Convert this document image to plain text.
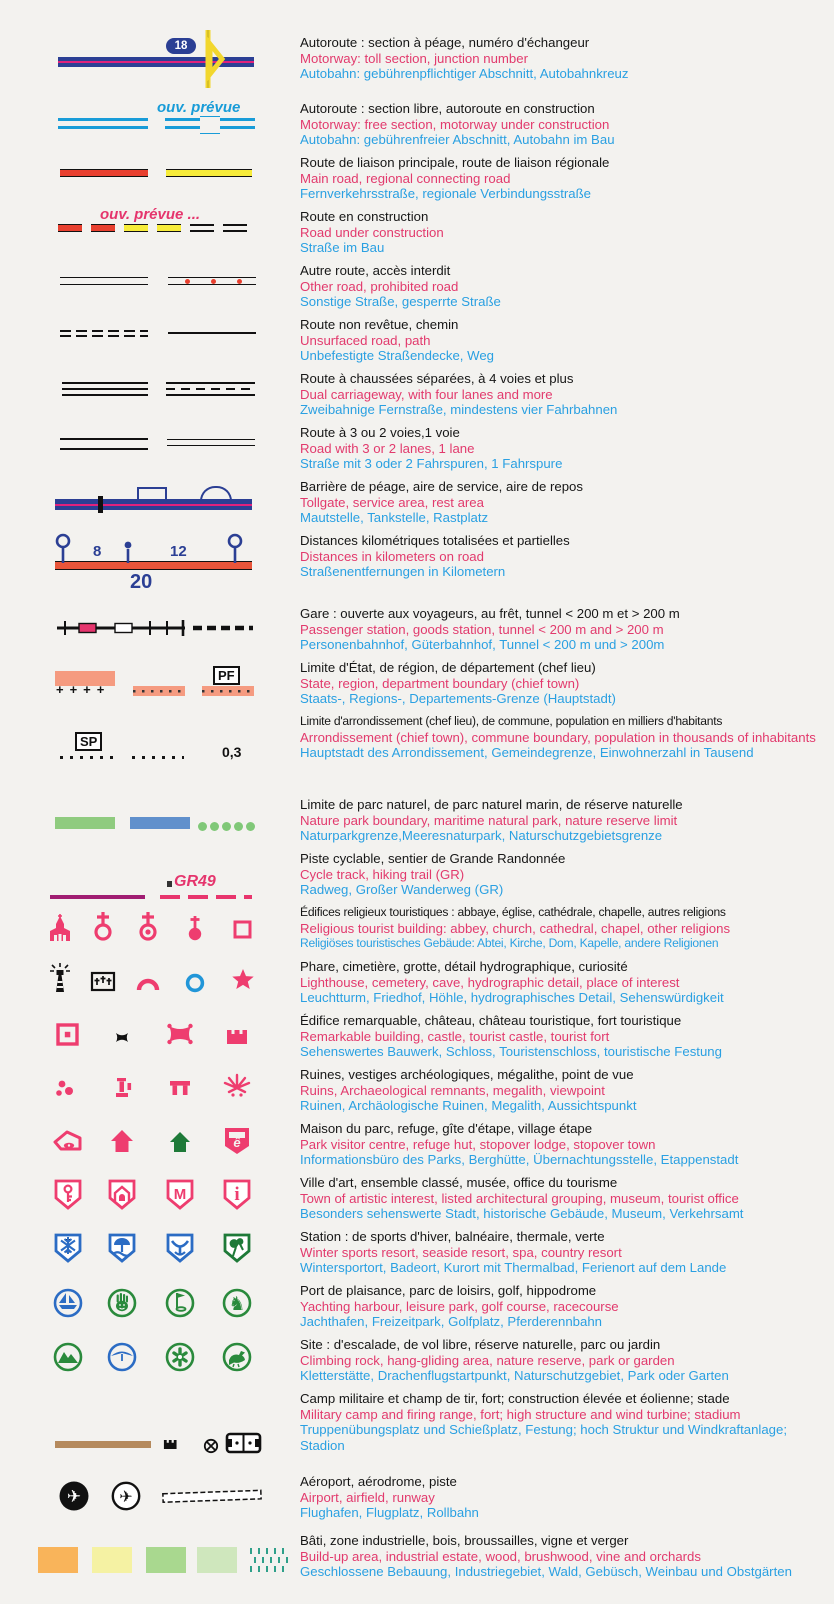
18	Autoroute : section à péage, numéro d'échangeur
Motorway: toll section, junction number
Autobahn: gebührenpflichtiger Abschnitt, Autobahnkreuz
ouv. prévue	Autoroute : section libre, autoroute en construction
Motorway: free section, motorway under construction
Autobahn: gebührenfreier Abschnitt, Autobahn im Bau
Route de liaison principale, route de liaison régionale
Main road, regional connecting road
Fernverkehrsstraße, regionale Verbindungsstraße
ouv. prévue ...	Route en construction
Road under construction
Straße im Bau
Autre route, accès interdit
Other road, prohibited road
Sonstige Straße, gesperrte Straße
Route non revêtue, chemin
Unsurfaced road, path
Unbefestigte Straßendecke, Weg
Route à chaussées séparées, à 4 voies et plus
Dual carriageway, with four lanes and more
Zweibahnige Fernstraße, mindestens vier Fahrbahnen
Route à 3 ou 2 voies,1 voie
Road with 3 or 2 lanes, 1 lane
Straße mit 3 oder 2 Fahrspuren, 1 Fahrspure
Barrière de péage, aire de service, aire de repos
Tollgate, service area, rest area
Mautstelle, Tankstelle, Rastplatz
8	12
20
Distances kilométriques totalisées et partielles
Distances in kilometers on road
Straßenentfernungen in Kilometern
Gare : ouverte aux voyageurs, au frêt, tunnel < 200 m et > 200 m
Passenger station, goods station, tunnel < 200 m and > 200 m
Personenbahnhof, Güterbahnhof, Tunnel < 200 m und > 200m
++++
PF
Limite d'État, de région, de département (chef lieu)
State, region, department boundary (chief town)
Staats-, Regions-, Departements-Grenze (Hauptstadt)
SP
0,3
Limite d'arrondissement (chef lieu), de commune, population en milliers d'habitants
Arrondissement (chief town), commune boundary, population in thousands of inhabitants
Hauptstadt des Arrondissement, Gemeindegrenze, Einwohnerzahl in Tausend
Limite de parc naturel, de parc naturel marin, de réserve naturelle
Nature park boundary, maritime natural park, nature reserve limit
Naturparkgrenze,Meeresnaturpark, Naturschutzgebietsgrenze
GR49
Piste cyclable, sentier de Grande Randonnée
Cycle track, hiking trail (GR)
Radweg, Großer Wanderweg (GR)
Édifices religieux touristiques : abbaye, église, cathédrale, chapelle, autres religions
Religious tourist building: abbey, church, cathedral, chapel, other religions
Religiöses touristisches Gebäude: Abtei, Kirche, Dom, Kapelle, andere Religionen
Phare, cimetière, grotte, détail hydrographique, curiosité
Lighthouse, cemetery, cave, hydrographic detail, place of interest
Leuchtturm, Friedhof, Höhle, hydrographisches Detail, Sehenswürdigkeit
Édifice remarquable, château, château touristique, fort touristique
Remarkable building, castle, tourist castle, tourist fort
Sehenswertes Bauwerk, Schloss, Touristenschloss, touristische Festung
Ruines, vestiges archéologiques, mégalithe, point de vue
Ruins, Archaeological remnants, megalith, viewpoint
Ruinen, Archäologische Ruinen, Megalith, Aussichtspunkt
ê
Maison du parc, refuge, gîte d'étape, village étape
Park visitor centre, refuge hut, stopover lodge, stopover town
Informationsbüro des Parks, Berghütte, Übernachtungsstelle, Etappenstadt
M	i
Ville d'art, ensemble classé, musée, office du tourisme
Town of artistic interest, listed architectural grouping, museum, tourist office
Besonders sehenswerte Stadt, historische Gebäude, Museum, Verkehrsamt
Station : de sports d'hiver, balnéaire, thermale, verte
Winter sports resort, seaside resort, spa, country resort
Wintersportort, Badeort, Kurort mit Thermalbad, Ferienort auf dem Lande
♞
Port de plaisance, parc de loisirs, golf, hippodrome
Yachting harbour, leisure park, golf course, racecourse
Jachthafen, Freizeitpark, Golfplatz, Pferderennbahn
Site : d'escalade, de vol libre, réserve naturelle, parc ou jardin
Climbing rock, hang-gliding area, nature reserve, park or garden
Kletterstätte, Drachenflugstartpunkt, Naturschutzgebiet, Park oder Garten
Camp militaire et champ de tir, fort; construction élevée et éolienne; stade
Military camp and firing range, fort; high structure and wind turbine; stadium
Truppenübungsplatz und Schießplatz, Festung; hoch Struktur und Windkraftanlage; Stadion
✈ ✈
Aéroport, aérodrome, piste
Airport, airfield, runway
Flughafen, Flugplatz, Rollbahn
Bâti, zone industrielle, bois, broussailles, vigne et verger
Build-up area, industrial estate, wood, brushwood, vine and orchards
Geschlossene Bebauung, Industriegebiet, Wald, Gebüsch, Weinbau und Obstgärten
